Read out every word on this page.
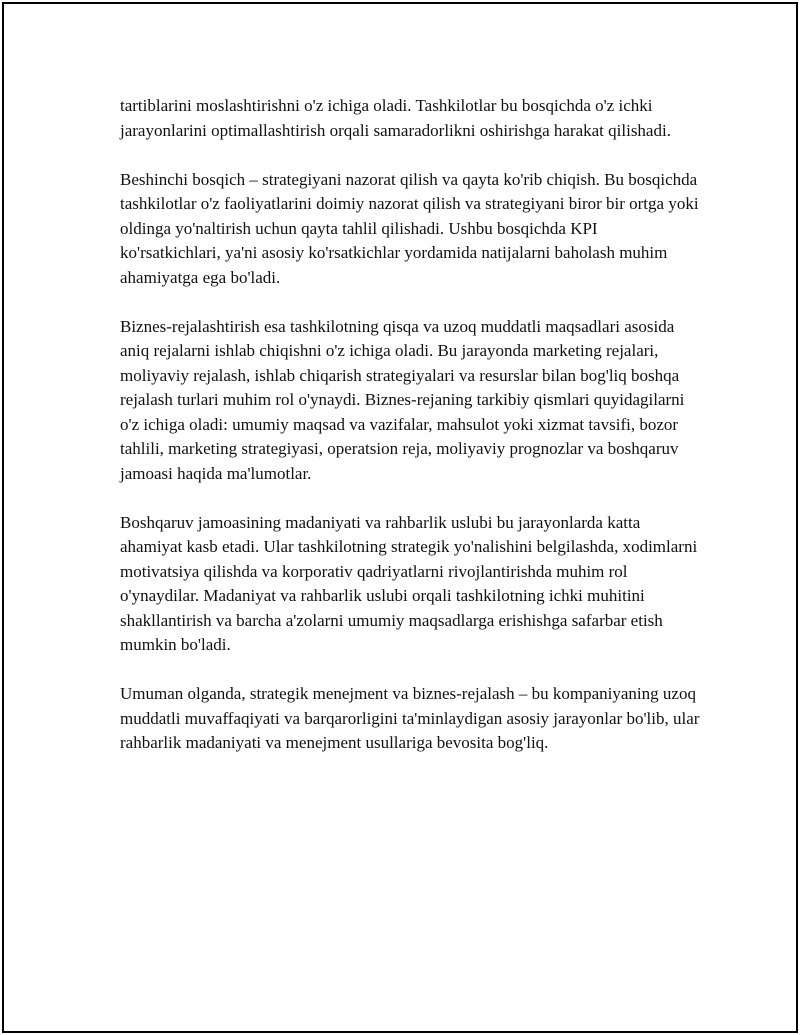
tartiblarini moslashtirishni o'z ichiga oladi. Tashkilotlar bu bosqichda o'z ichki jarayonlarini optimallashtirish orqali samaradorlikni oshirishga harakat qilishadi.

Beshinchi bosqich – strategiyani nazorat qilish va qayta ko'rib chiqish. Bu bosqichda tashkilotlar o'z faoliyatlarini doimiy nazorat qilish va strategiyani biror bir ortga yoki oldinga yo'naltirish uchun qayta tahlil qilishadi. Ushbu bosqichda KPI ko'rsatkichlari, ya'ni asosiy ko'rsatkichlar yordamida natijalarni baholash muhim ahamiyatga ega bo'ladi.

Biznes-rejalashtirish esa tashkilotning qisqa va uzoq muddatli maqsadlari asosida aniq rejalarni ishlab chiqishni o'z ichiga oladi. Bu jarayonda marketing rejalari, moliyaviy rejalash, ishlab chiqarish strategiyalari va resurslar bilan bog'liq boshqa rejalash turlari muhim rol o'ynaydi. Biznes-rejaning tarkibiy qismlari quyidagilarni o'z ichiga oladi: umumiy maqsad va vazifalar, mahsulot yoki xizmat tavsifi, bozor tahlili, marketing strategiyasi, operatsion reja, moliyaviy prognozlar va boshqaruv jamoasi haqida ma'lumotlar.

Boshqaruv jamoasining madaniyati va rahbarlik uslubi bu jarayonlarda katta ahamiyat kasb etadi. Ular tashkilotning strategik yo'nalishini belgilashda, xodimlarni motivatsiya qilishda va korporativ qadriyatlarni rivojlantirishda muhim rol o'ynaydilar. Madaniyat va rahbarlik uslubi orqali tashkilotning ichki muhitini shakllantirish va barcha a'zolarni umumiy maqsadlarga erishishga safarbar etish mumkin bo'ladi.

Umuman olganda, strategik menejment va biznes-rejalash – bu kompaniyaning uzoq muddatli muvaffaqiyati va barqarorligini ta'minlaydigan asosiy jarayonlar bo'lib, ular rahbarlik madaniyati va menejment usullariga bevosita bog'liq.
